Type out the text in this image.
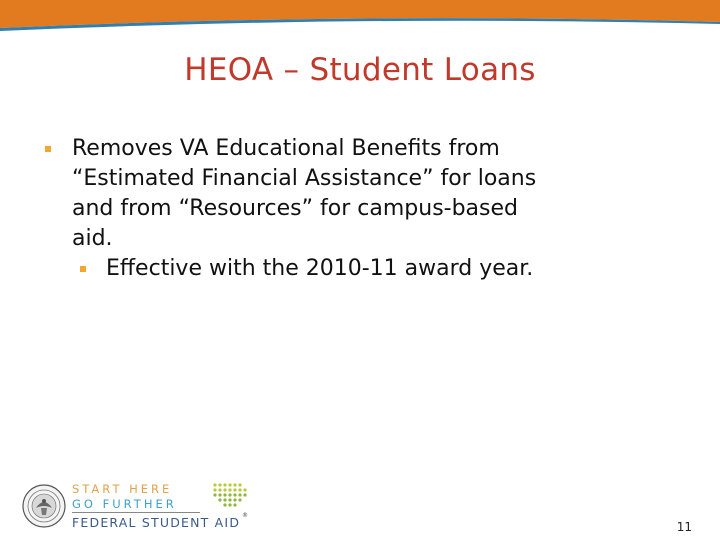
HEOA – Student Loans
Removes VA Educational Benefits from
“Estimated Financial Assistance” for loans
and from “Resources” for campus-based
aid.
Effective with the 2010-11 award year.
START HERE
GO FURTHER
FEDERAL STUDENT AID ®
11
